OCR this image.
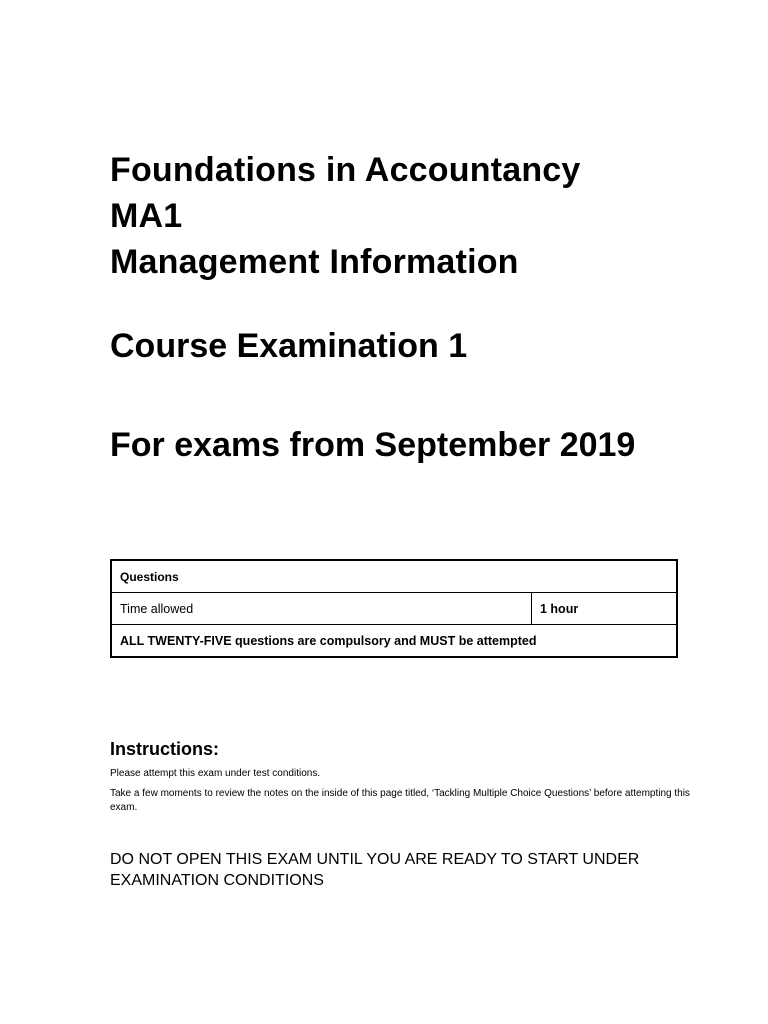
Foundations in Accountancy

MA1

Management Information

Course Examination 1

For exams from September 2019

Questions
Time allowed	1 hour
ALL TWENTY-FIVE questions are compulsory and MUST be attempted

Instructions:

Please attempt this exam under test conditions.

Take a few moments to review the notes on the inside of this page titled, ‘Tackling Multiple Choice Questions’ before attempting this exam.

DO NOT OPEN THIS EXAM UNTIL YOU ARE READY TO START UNDER EXAMINATION CONDITIONS
